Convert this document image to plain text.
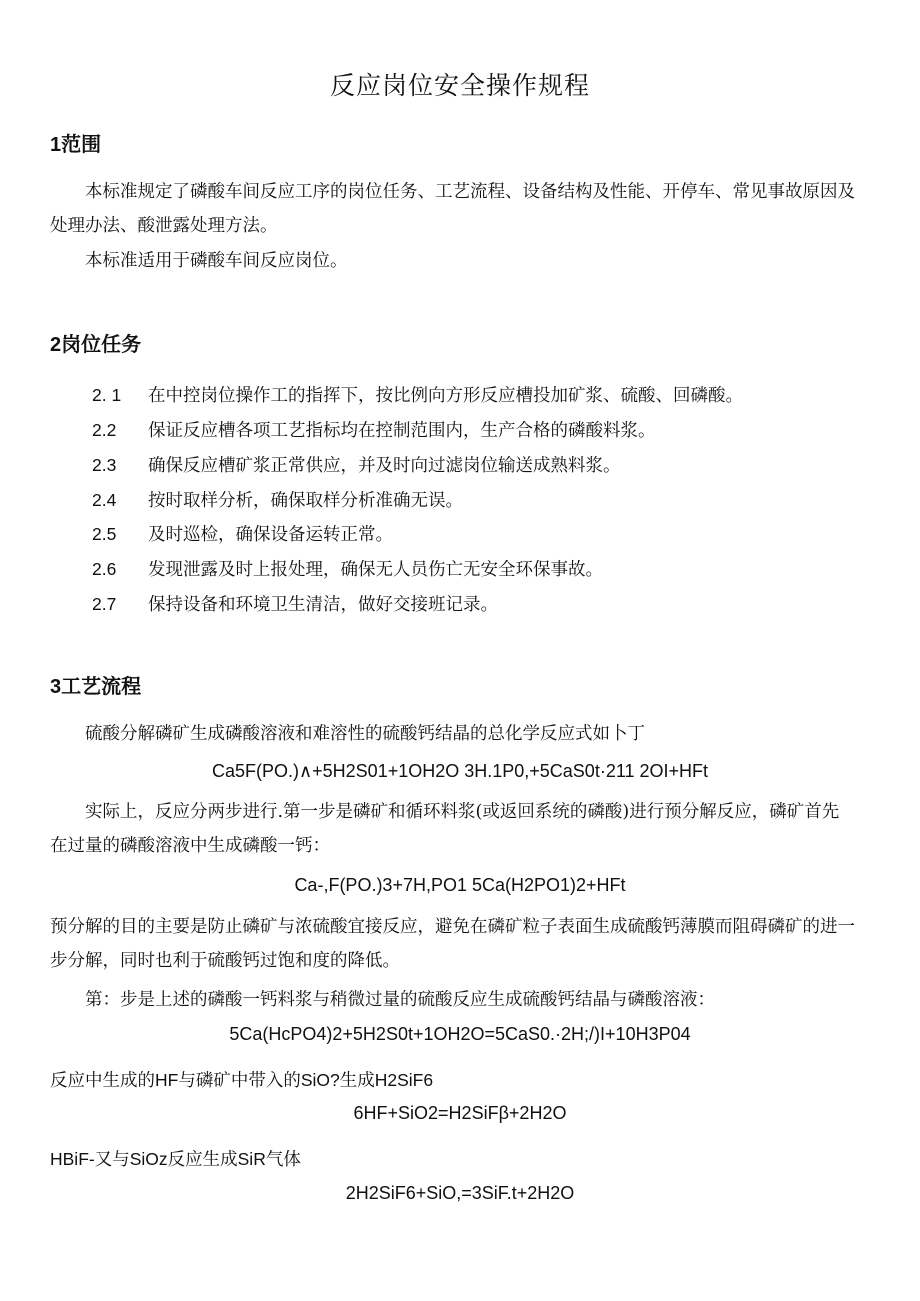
反应岗位安全操作规程
1范围
本标准规定了磷酸车间反应工序的岗位任务、工艺流程、设备结构及性能、开停车、常见事故原因及处理办法、酸泄露处理方法。
本标准适用于磷酸车间反应岗位。
2岗位任务
2. 1 在中控岗位操作工的指挥下，按比例向方形反应槽投加矿浆、硫酸、回磷酸。
2.2 保证反应槽各项工艺指标均在控制范围内，生产合格的磷酸料浆。
2.3 确保反应槽矿浆正常供应，并及时向过滤岗位输送成熟料浆。
2.4 按时取样分析，确保取样分析准确无误。
2.5 及时巡检，确保设备运转正常。
2.6 发现泄露及时上报处理，确保无人员伤亡无安全环保事故。
2.7 保持设备和环境卫生清洁，做好交接班记录。
3工艺流程
硫酸分解磷矿生成磷酸溶液和难溶性的硫酸钙结晶的总化学反应式如卜丁
Ca5F(PO.)∧+5H2S01+1OH2O 3H.1P0,+5CaS0t·211 2OI+HFt
实际上，反应分两步进行.第一步是磷矿和循环料浆(或返回系统的磷酸)进行预分解反应，磷矿首先在过量的磷酸溶液中生成磷酸一钙：
Ca-,F(PO.)3+7H,PO1 5Ca(H2PO1)2+HFt
预分解的目的主要是防止磷矿与浓硫酸宜接反应，避免在磷矿粒子表面生成硫酸钙薄膜而阻碍磷矿的进一步分解，同时也利于硫酸钙过饱和度的降低。
第：步是上述的磷酸一钙料浆与稍微过量的硫酸反应生成硫酸钙结晶与磷酸溶液：
5Ca(HcPO4)2+5H2S0t+1OH2O=5CaS0.·2H;/)I+10H3P04
反应中生成的HF与磷矿中带入的SiO?生成H2SiF6
6HF+SiO2=H2SiFβ+2H2O
HBiF-又与SiOz反应生成SiR气体
2H2SiF6+SiO,=3SiF.t+2H2O
